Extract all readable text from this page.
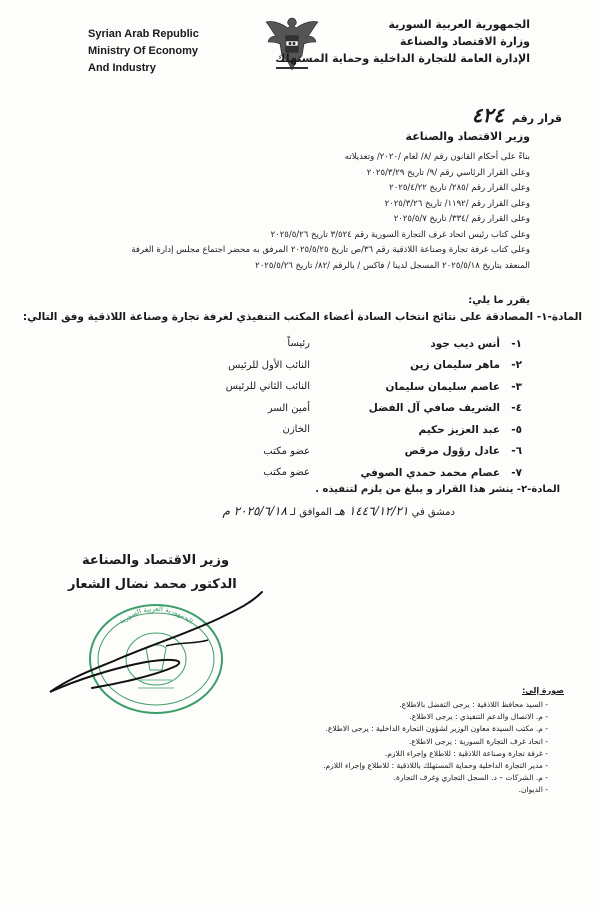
Syrian Arab Republic
Ministry Of Economy
And Industry
الجمهورية العربية السورية
وزارة الاقتصاد والصناعة
الإدارة العامة للتجارة الداخلية وحماية المستهلك
قرار رقم ٤٢٤
وزير الاقتصاد والصناعة
بناءً على أحكام القانون رقم /٨/ لعام /٢٠٢٠/ وتعديلاته
وعلى القرار الرئاسي رقم /٩/ تاريخ ٢٠٢٥/٣/٢٩
وعلى القرار رقم /٢٨٥/ تاريخ ٢٠٢٥/٤/٢٢
وعلى القرار رقم /١١٩٢/ تاريخ ٢٠٢٥/٣/٢٦
وعلى القرار رقم /٣٣٤/ تاريخ ٢٠٢٥/٥/٧
وعلى كتاب رئيس اتحاد غرف التجارة السورية رقم ٣/٥٢٤ تاريخ ٢٠٢٥/٥/٢٦
وعلى كتاب غرفة تجارة وصناعة اللاذقية رقم ٣٦/ص تاريخ ٢٠٢٥/٥/٢٥ المرفق به محضر اجتماع مجلس إدارة الغرفة
المنعقد بتاريخ ٢٠٢٥/٥/١٨ المسجل لدينا / فاكس / بالرقم /٨٢/ تاريخ ٢٠٢٥/٥/٢٦
يقرر ما يلي:
المادة-١- المصادقة على نتائج انتخاب السادة أعضاء المكتب التنفيذي لغرفة تجارة وصناعة اللاذقية وفق التالي:
١-
أنس ديب جود
رئيساً
٢-
ماهر سليمان زين
النائب الأول للرئيس
٣-
عاصم سليمان سليمان
النائب الثاني للرئيس
٤-
الشريف صافي آل الفضل
أمين السر
٥-
عبد العزيز حكيم
الخازن
٦-
عادل رؤول مرقص
عضو مكتب
٧-
عصام محمد حمدي الصوفي
عضو مكتب
المادة-٢- ينشر هذا القرار و يبلغ من يلزم لتنفيذه .
دمشق في ١٤٤٦/١٢/٢١ هـ الموافق لـ ٢٠٢٥/٦/١٨ م
وزير الاقتصاد والصناعة
الدكتور محمد نضال الشعار
الجمهورية العربية السورية
صورة إلى:
- السيد محافظ اللاذقية : يرجى التفضل بالاطلاع.
- م. الاتصال والدعم التنفيذي : يرجى الاطلاع.
- م. مكتب السيدة معاون الوزير لشؤون التجارة الداخلية : يرجى الاطلاع.
- اتحاد غرف التجارة السورية : يرجى الاطلاع.
- غرفة تجارة وصناعة اللاذقية : للاطلاع وإجراء اللازم.
- مدير التجارة الداخلية وحماية المستهلك باللاذقية : للاطلاع وإجراء اللازم.
- م. الشركات – د. السجل التجاري وغرف التجارة.
- الديوان.
